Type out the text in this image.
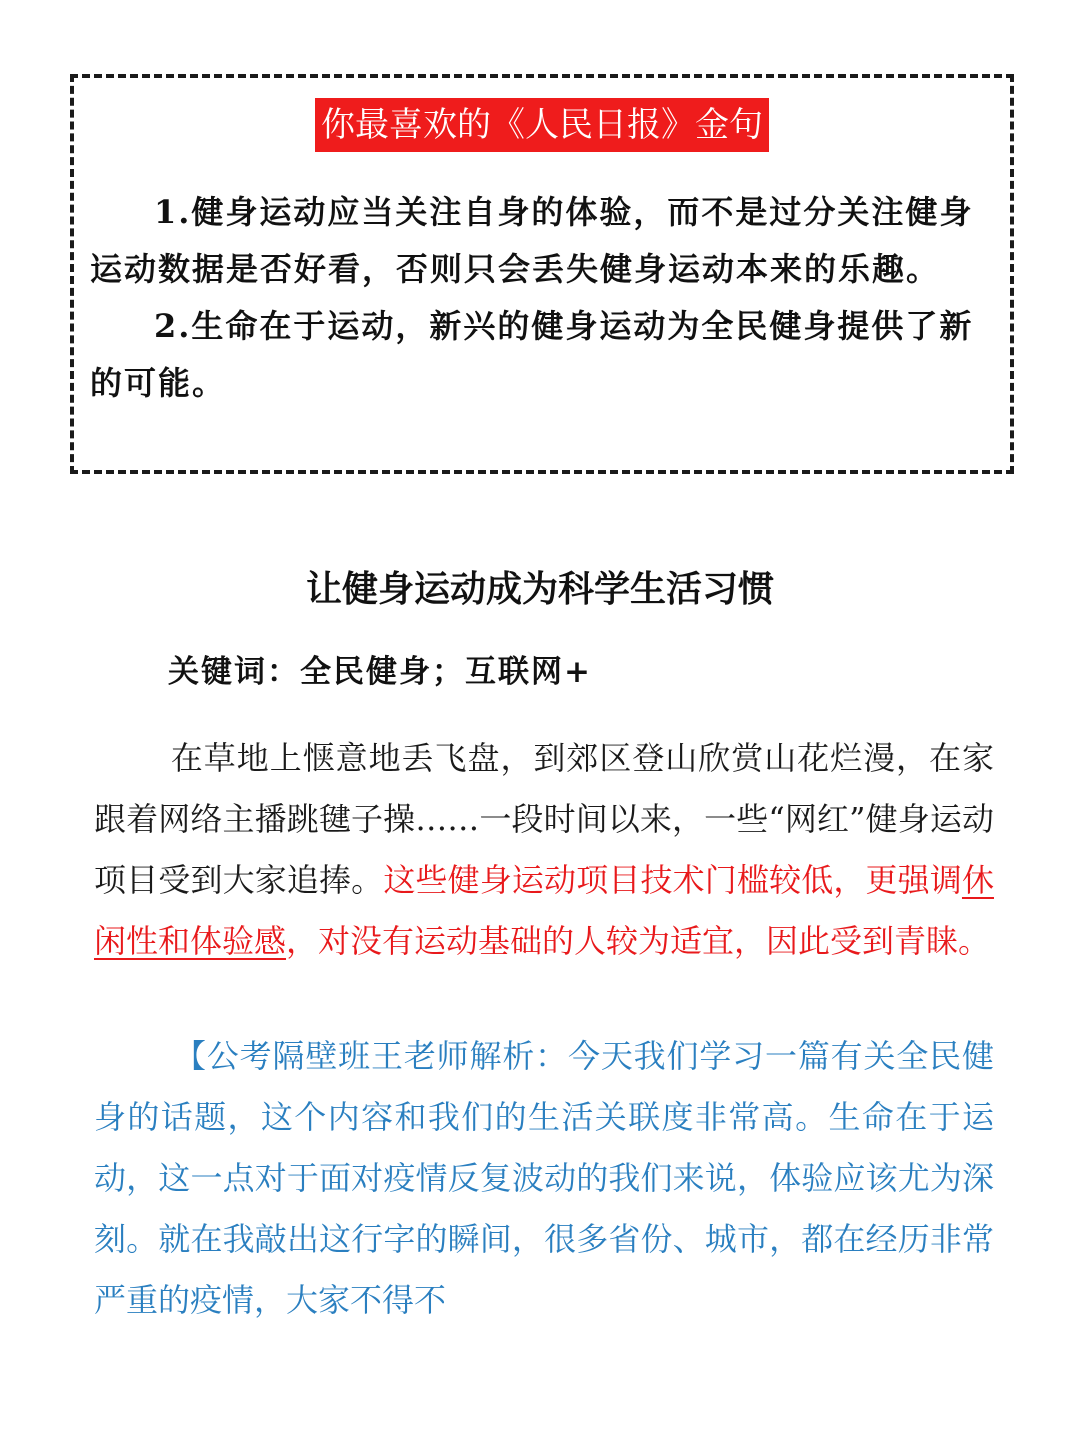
你最喜欢的《人民日报》金句

1.健身运动应当关注自身的体验，而不是过分关注健身运动数据是否好看，否则只会丢失健身运动本来的乐趣。

2.生命在于运动，新兴的健身运动为全民健身提供了新的可能。

让健身运动成为科学生活习惯
关键词：全民健身；互联网+

在草地上惬意地丢飞盘，到郊区登山欣赏山花烂漫，在家跟着网络主播跳毽子操……一段时间以来，一些“网红”健身运动项目受到大家追捧。这些健身运动项目技术门槛较低，更强调休闲性和体验感，对没有运动基础的人较为适宜，因此受到青睐。

【公考隔壁班王老师解析：今天我们学习一篇有关全民健身的话题，这个内容和我们的生活关联度非常高。生命在于运动，这一点对于面对疫情反复波动的我们来说，体验应该尤为深刻。就在我敲出这行字的瞬间，很多省份、城市，都在经历非常严重的疫情，大家不得不
